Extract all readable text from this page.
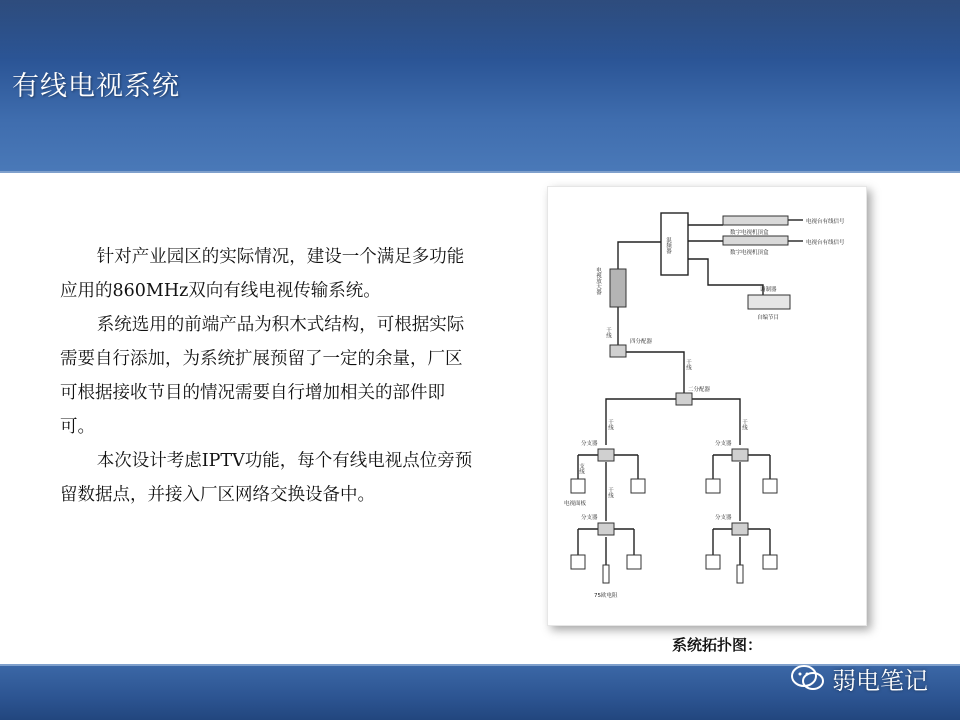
有线电视系统

针对产业园区的实际情况，建设一个满足多功能应用的860MHz双向有线电视传输系统。

系统选用的前端产品为积木式结构，可根据实际需要自行添加，为系统扩展预留了一定的余量，厂区可根据接收节目的情况需要自行增加相关的部件即可。

本次设计考虑IPTV功能，每个有线电视点位旁预留数据点，并接入厂区网络交换设备中。

混频器
数字电视机顶盒
数字电视机顶盒
电视台有线信号
电视台有线信号
调制器
自编节目
电视放大器
干线
四分配器
干线
二分配器
干线	干线
分支器	分支器
分支器	分支器
支线
干线
电视面板
75欧电阻
系统拓扑图：
弱电笔记
